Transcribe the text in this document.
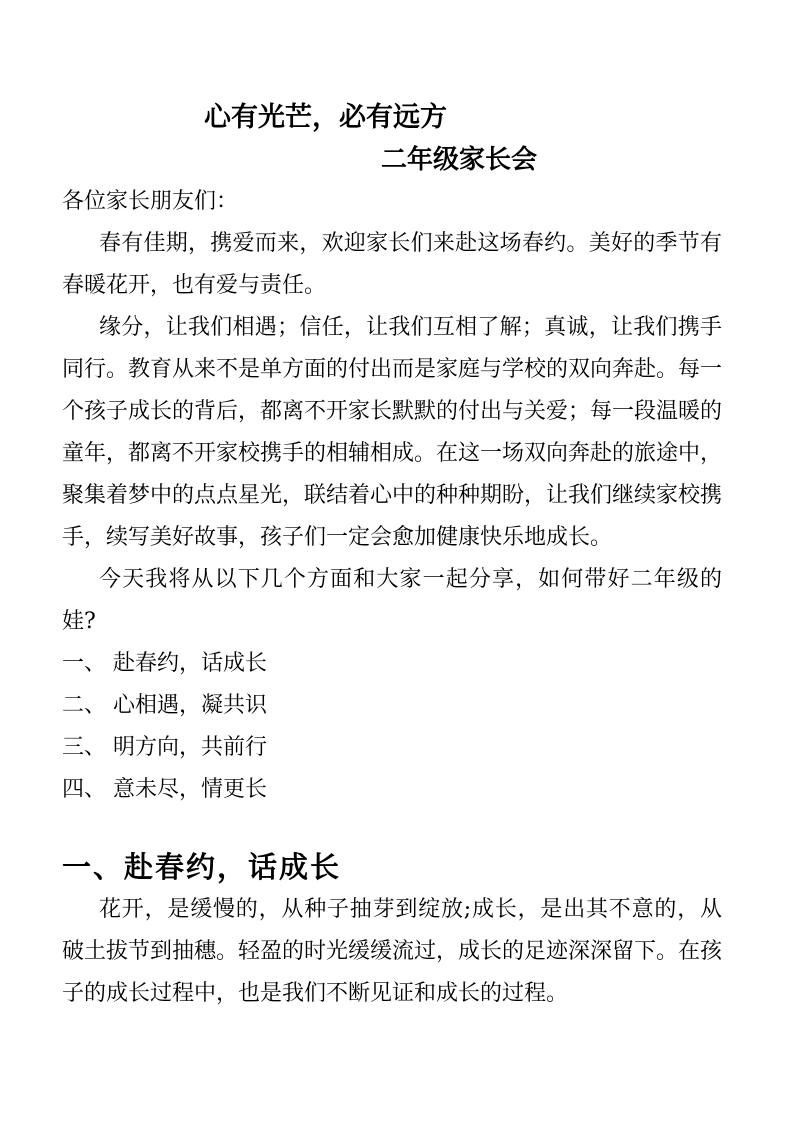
心有光芒，必有远方
二年级家长会

各位家长朋友们：

春有佳期，携爱而来，欢迎家长们来赴这场春约。美好的季节有春暖花开，也有爱与责任。

缘分，让我们相遇；信任，让我们互相了解；真诚，让我们携手同行。教育从来不是单方面的付出而是家庭与学校的双向奔赴。每一个孩子成长的背后，都离不开家长默默的付出与关爱；每一段温暖的童年，都离不开家校携手的相辅相成。在这一场双向奔赴的旅途中，聚集着梦中的点点星光，联结着心中的种种期盼，让我们继续家校携手，续写美好故事，孩子们一定会愈加健康快乐地成长。

今天我将从以下几个方面和大家一起分享，如何带好二年级的娃?

一、 赴春约，话成长

二、 心相遇，凝共识

三、 明方向，共前行

四、 意未尽，情更长

一、赴春约，话成长

花开，是缓慢的，从种子抽芽到绽放;成长，是出其不意的，从破土拔节到抽穗。轻盈的时光缓缓流过，成长的足迹深深留下。在孩子的成长过程中，也是我们不断见证和成长的过程。
